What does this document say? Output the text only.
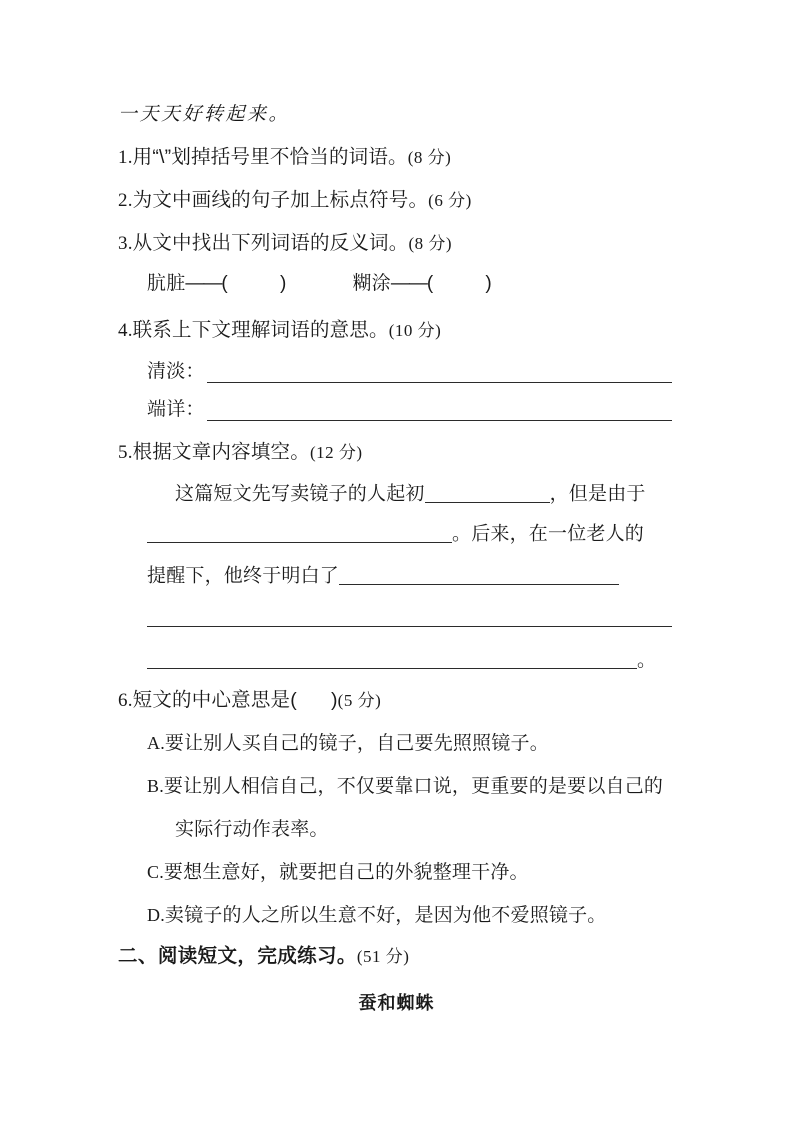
一天天好转起来。
1.用“\”划掉括号里不恰当的词语。(8 分)
2.为文中画线的句子加上标点符号。(6 分)
3.从文中找出下列词语的反义词。(8 分)
肮脏——(	)	糊涂——(	)
4.联系上下文理解词语的意思。(10 分)
清淡：
端详：
5.根据文章内容填空。(12 分)
这篇短文先写卖镜子的人起初	，但是由于
。后来，在一位老人的
提醒下，他终于明白了
。
6.短文的中心意思是( )(5 分)
A.要让别人买自己的镜子，自己要先照照镜子。
B.要让别人相信自己，不仅要靠口说，更重要的是要以自己的
实际行动作表率。
C.要想生意好，就要把自己的外貌整理干净。
D.卖镜子的人之所以生意不好，是因为他不爱照镜子。
二、阅读短文，完成练习。(51 分)
蚕和蜘蛛
